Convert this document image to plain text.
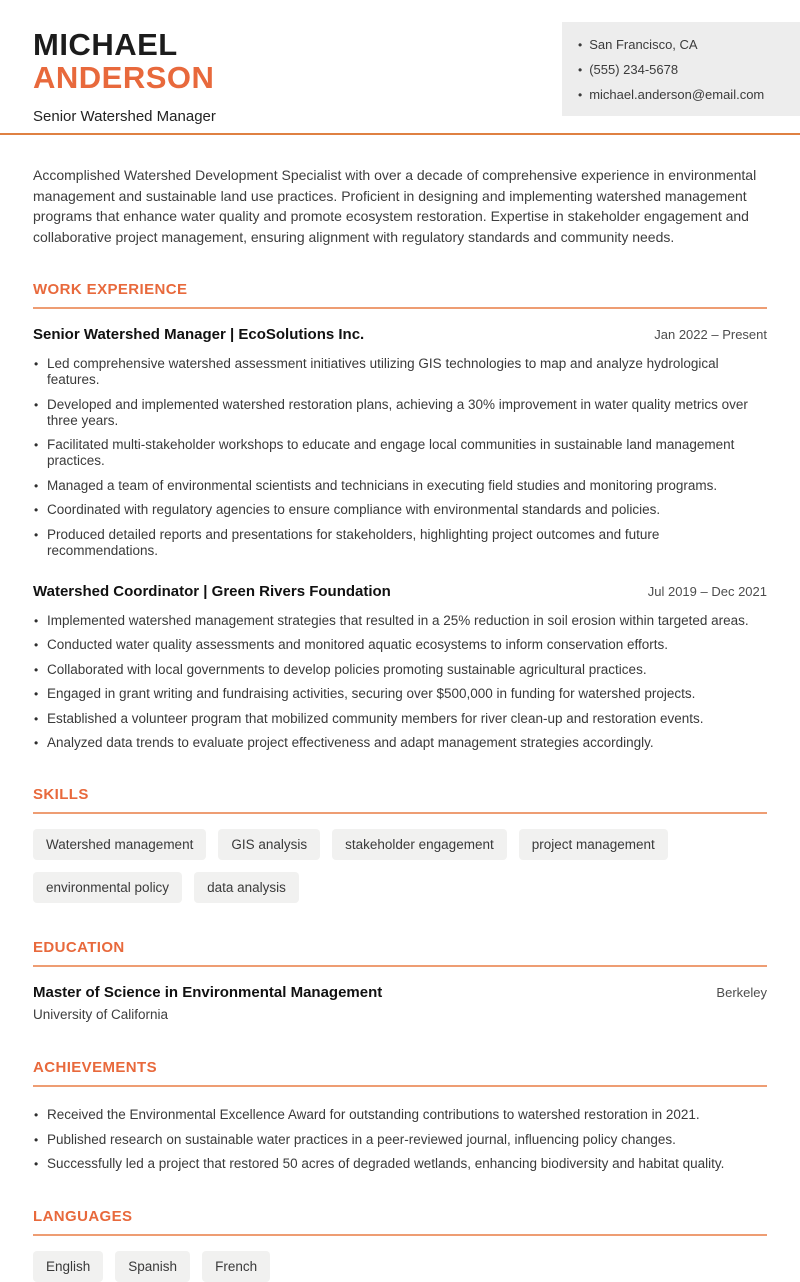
MICHAEL
ANDERSON
Senior Watershed Manager
• San Francisco, CA
• (555) 234-5678
• michael.anderson@email.com

Accomplished Watershed Development Specialist with over a decade of comprehensive experience in environmental management and sustainable land use practices. Proficient in designing and implementing watershed management programs that enhance water quality and promote ecosystem restoration. Expertise in stakeholder engagement and collaborative project management, ensuring alignment with regulatory standards and community needs.

WORK EXPERIENCE
Senior Watershed Manager | EcoSolutions Inc.	Jan 2022 – Present
• Led comprehensive watershed assessment initiatives utilizing GIS technologies to map and analyze hydrological features.
• Developed and implemented watershed restoration plans, achieving a 30% improvement in water quality metrics over three years.
• Facilitated multi-stakeholder workshops to educate and engage local communities in sustainable land management practices.
• Managed a team of environmental scientists and technicians in executing field studies and monitoring programs.
• Coordinated with regulatory agencies to ensure compliance with environmental standards and policies.
• Produced detailed reports and presentations for stakeholders, highlighting project outcomes and future recommendations.
Watershed Coordinator | Green Rivers Foundation	Jul 2019 – Dec 2021
• Implemented watershed management strategies that resulted in a 25% reduction in soil erosion within targeted areas.
• Conducted water quality assessments and monitored aquatic ecosystems to inform conservation efforts.
• Collaborated with local governments to develop policies promoting sustainable agricultural practices.
• Engaged in grant writing and fundraising activities, securing over $500,000 in funding for watershed projects.
• Established a volunteer program that mobilized community members for river clean-up and restoration events.
• Analyzed data trends to evaluate project effectiveness and adapt management strategies accordingly.
SKILLS
Watershed management	GIS analysis	stakeholder engagement	project management
environmental policy	data analysis
EDUCATION
Master of Science in Environmental Management	Berkeley
University of California
ACHIEVEMENTS
• Received the Environmental Excellence Award for outstanding contributions to watershed restoration in 2021.
• Published research on sustainable water practices in a peer-reviewed journal, influencing policy changes.
• Successfully led a project that restored 50 acres of degraded wetlands, enhancing biodiversity and habitat quality.
LANGUAGES
English	Spanish	French
